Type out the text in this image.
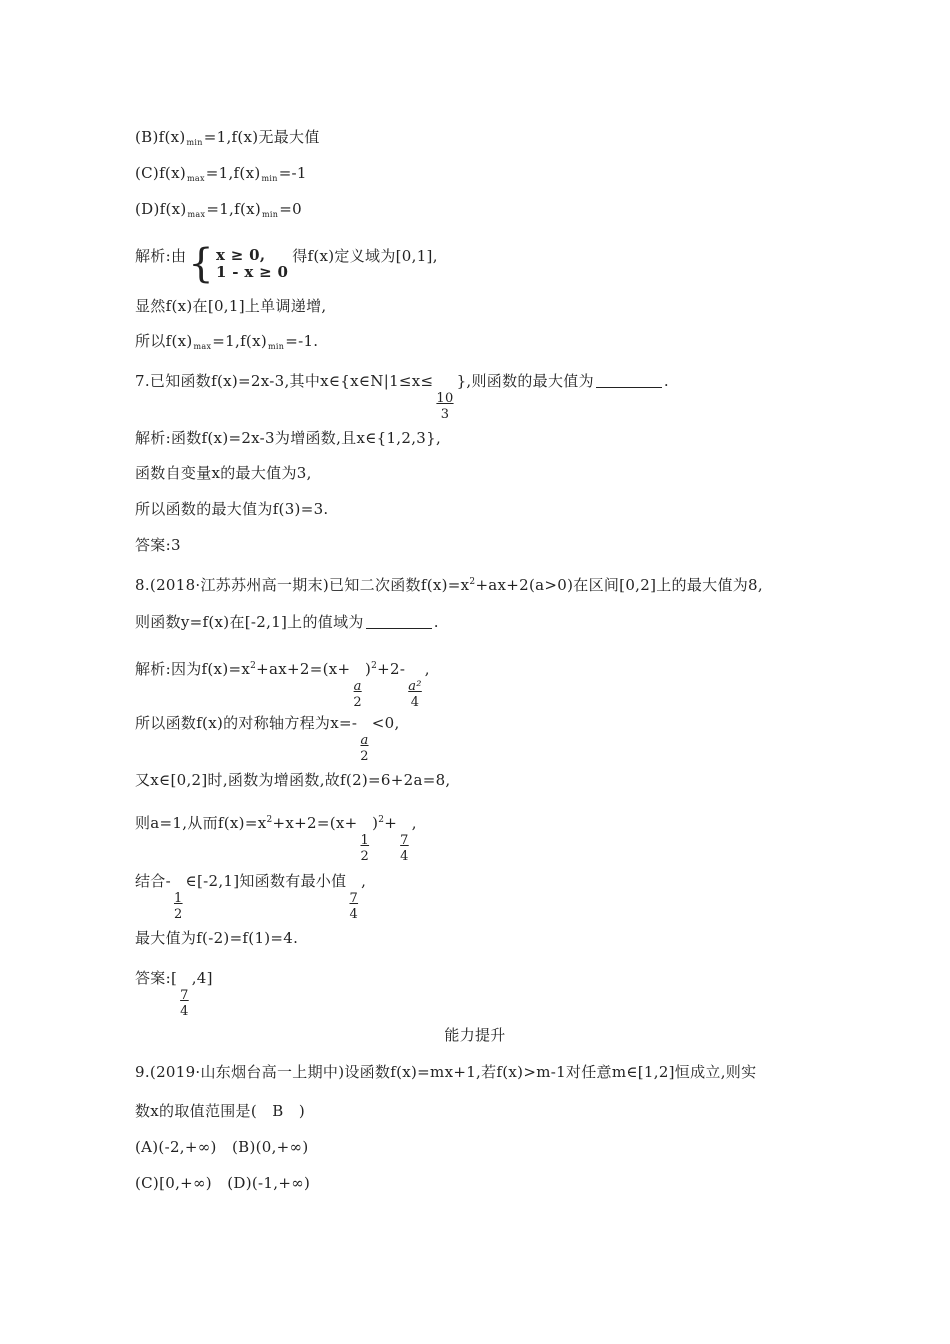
$(B)f(x)_{min}=1,f(x)$无最大值
$(C)f(x)_{max}=1,f(x)_{min}=-1$
$(D)f(x)_{max}=1,f(x)_{min}=0$
解析:由 { x ≥ 0,
1 - x ≥ 0
得f(x)定义域为[0,1],
显然f(x)在[0,1]上单调递增,
所以$f(x)_{max}=1,f(x)_{min}=-1$.
7.已知函数f(x)=2x-3,其中x∈{x∈N|1≤x≤
$\frac{10}{3}$
},则函数的最大值为	.
解析:函数f(x)=2x-3为增函数,且x∈{1,2,3},
函数自变量x的最大值为3,
所以函数的最大值为f(3)=3.
答案:3
8.(2018·江苏苏州高一期末)已知二次函数$f(x)=x^2+ax+2(a>0)$在区间[0,2]上的最大值为8,
则函数y=f(x)在[-2,1]上的值域为	.
解析:因为$f(x)=x^2+ax+2=(x+$
$\frac{a}{2}$
)$^2$+2-
$\frac{\text{a²}}{4}$
,
所以函数f(x)的对称轴方程为x=-
$\frac{a}{2}$
<0,
又x∈[0,2]时,函数为增函数,故f(2)=6+2a=8,
则a=1,从而$f(x)=x^2+x+2=(x+$
$\frac{1}{2}$
)$^2$+
$\frac{7}{4}$
,
结合-
$\frac{1}{2}$
∈[-2,1]知函数有最小值
$\frac{7}{4}$
,
最大值为f(-2)=f(1)=4.
答案:[
$\frac{7}{4}$
,4]
能力提升
9.(2019·山东烟台高一上期中)设函数f(x)=mx+1,若f(x)>m-1对任意m∈[1,2]恒成立,则实
数x的取值范围是(　B　)
(A)(-2,+∞)　(B)(0,+∞)
(C)[0,+∞)　(D)(-1,+∞)
